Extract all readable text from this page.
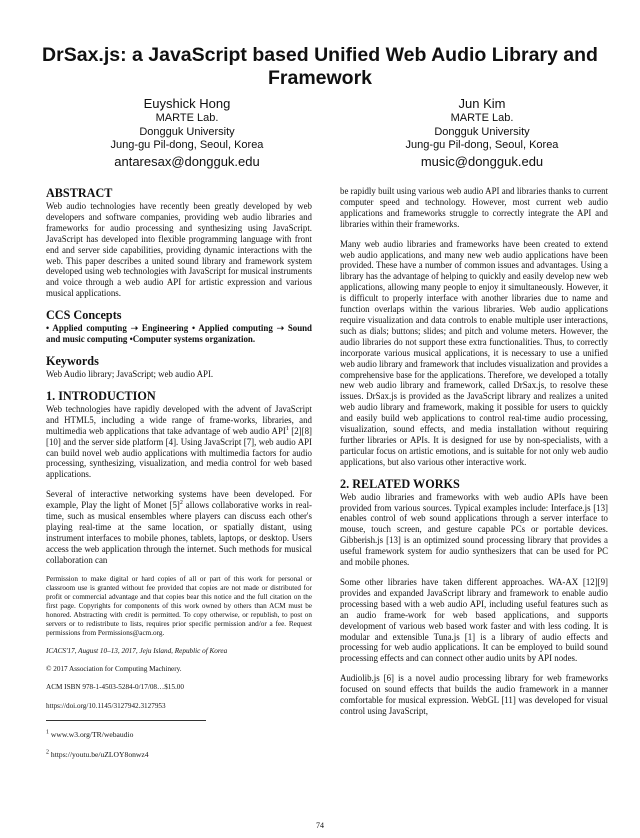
DrSax.js: a JavaScript based Unified Web Audio Library and Framework
Euyshick Hong
MARTE Lab.
Dongguk University
Jung-gu Pil-dong, Seoul, Korea
antaresax@dongguk.edu
Jun Kim
MARTE Lab.
Dongguk University
Jung-gu Pil-dong, Seoul, Korea
music@dongguk.edu
ABSTRACT

Web audio technologies have recently been greatly developed by web developers and software companies, providing web audio libraries and frameworks for audio processing and synthesizing using JavaScript. JavaScript has developed into flexible programming language with front end and server side capabilities, providing dynamic interactions with the web. This paper describes a united sound library and framework system developed using web technologies with JavaScript for musical instruments and voice through a web audio API for artistic expression and various musical applications.

CCS Concepts

• Applied computing ➝ Engineering • Applied computing ➝ Sound and music computing •Computer systems organization.

Keywords

Web Audio library; JavaScript; web audio API.

1. INTRODUCTION

Web technologies have rapidly developed with the advent of JavaScript and HTML5, including a wide range of frame-works, libraries, and multimedia web applications that take advantage of web audio API$^1$ [2][8][10] and the server side platform [4]. Using JavaScript [7], web audio API can build novel web audio applications with multimedia factors for audio processing, synthesizing, visualization, and media control for web based applications.

Several of interactive networking systems have been developed. For example, Play the light of Monet $[5]^2$ allows collaborative works in real-time, such as musical ensembles where players can discuss each other's playing real-time at the same location, or spatially distant, using instrument interfaces to mobile phones, tablets, laptops, or desktop. Users access the web application through the internet. Such methods for musical collaboration can

Permission to make digital or hard copies of all or part of this work for personal or classroom use is granted without fee provided that copies are not made or distributed for profit or commercial advantage and that copies bear this notice and the full citation on the first page. Copyrights for components of this work owned by others than ACM must be honored. Abstracting with credit is permitted. To copy otherwise, or republish, to post on servers or to redistribute to lists, requires prior specific permission and/or a fee. Request permissions from Permissions@acm.org.

ICACS'17, August 10–13, 2017, Jeju Island, Republic of Korea

© 2017 Association for Computing Machinery.

ACM ISBN 978-1-4503-5284-0/17/08…$15.00

https://doi.org/10.1145/3127942.3127953

$^1$ www.w3.org/TR/webaudio

$^2$ https://youtu.be/uZLOY8onwz4

be rapidly built using various web audio API and libraries thanks to current computer speed and technology. However, most current web audio applications and frameworks struggle to correctly integrate the API and libraries within their frameworks.

Many web audio libraries and frameworks have been created to extend web audio applications, and many new web audio applications have been provided. These have a number of common issues and advantages. Using a library has the advantage of helping to quickly and easily develop new web applications, allowing many people to enjoy it simultaneously. However, it is difficult to properly interface with another libraries due to name and function overlaps within the various libraries. Web audio applications require visualization and data controls to enable multiple user interactions, such as dials; buttons; slides; and pitch and volume meters. However, the audio libraries do not support these extra functionalities. Thus, to correctly incorporate various musical applications, it is necessary to use a unified web audio library and framework that includes visualization and provides a comprehensive base for the applications. Therefore, we developed a totally new web audio library and framework, called DrSax.js, to resolve these issues. DrSax.js is provided as the JavaScript library and realizes a united web audio library and framework, making it possible for users to quickly and easily build web applications to control real-time audio processing, visualization, sound effects, and media installation without requiring further libraries or APIs. It is designed for use by non-specialists, with a particular focus on artistic emotions, and is suitable for not only web audio applications, but also various other interactive work.

2. RELATED WORKS

Web audio libraries and frameworks with web audio APIs have been provided from various sources. Typical examples include: Interface.js [13] enables control of web sound applications through a server interface to mouse, touch screen, and gesture capable PCs or portable devices. Gibberish.js [13] is an optimized sound processing library that provides a useful framework system for audio synthesizers that can be used for PC and mobile phones.

Some other libraries have taken different approaches. WA-AX [12][9] provides and expanded JavaScript library and framework to enable audio processing based with a web audio API, including useful features such as an audio frame-work for web based applications, and supports development of various web based work faster and with less coding. It is modular and extensible Tuna.js [1] is a library of audio effects and processing for web audio applications. It can be employed to build sound processing effects and can connect other audio units by API nodes.

Audiolib.js [6] is a novel audio processing library for web frameworks focused on sound effects that builds the audio framework in a manner comfortable for musical expression. WebGL [11] was developed for visual control using JavaScript,

74
